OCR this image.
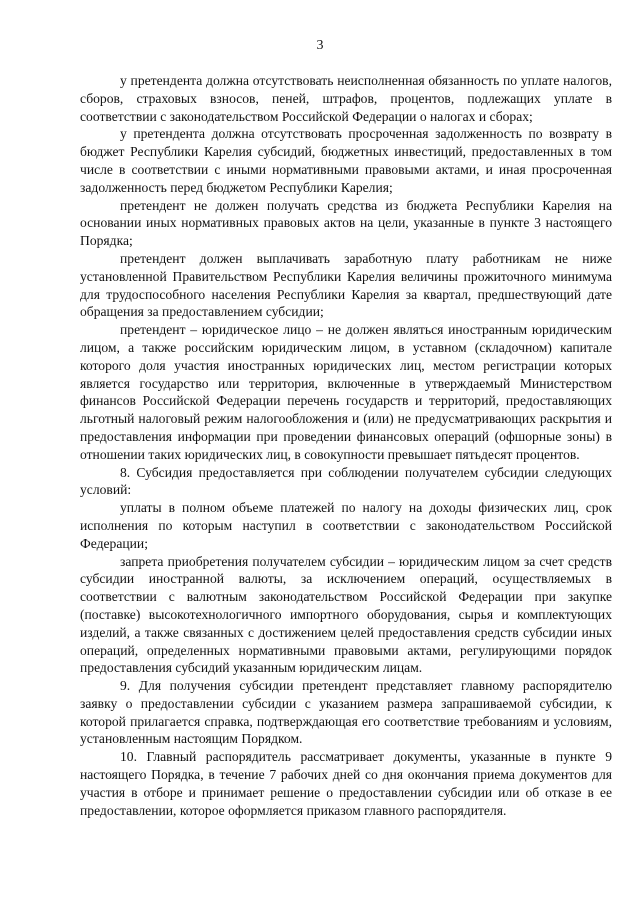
3

у претендента должна отсутствовать неисполненная обязанность по уплате налогов, сборов, страховых взносов, пеней, штрафов, процентов, подлежащих уплате в соответствии с законодательством Российской Федерации о налогах и сборах;

у претендента должна отсутствовать просроченная задолженность по возврату в бюджет Республики Карелия субсидий, бюджетных инвестиций, предоставленных в том числе в соответствии с иными нормативными правовыми актами, и иная просроченная задолженность перед бюджетом Республики Карелия;

претендент не должен получать средства из бюджета Республики Карелия на основании иных нормативных правовых актов на цели, указанные в пункте 3 настоящего Порядка;

претендент должен выплачивать заработную плату работникам не ниже установленной Правительством Республики Карелия величины прожиточного минимума для трудоспособного населения Республики Карелия за квартал, предшествующий дате обращения за предоставлением субсидии;

претендент – юридическое лицо – не должен являться иностранным юридическим лицом, а также российским юридическим лицом, в уставном (складочном) капитале которого доля участия иностранных юридических лиц, местом регистрации которых является государство или территория, включенные в утверждаемый Министерством финансов Российской Федерации перечень государств и территорий, предоставляющих льготный налоговый режим налогообложения и (или) не предусматривающих раскрытия и предоставления информации при проведении финансовых операций (офшорные зоны) в отношении таких юридических лиц, в совокупности превышает пятьдесят процентов.

8. Субсидия предоставляется при соблюдении получателем субсидии следующих условий:

уплаты в полном объеме платежей по налогу на доходы физических лиц, срок исполнения по которым наступил в соответствии с законодательством Российской Федерации;

запрета приобретения получателем субсидии – юридическим лицом за счет средств субсидии иностранной валюты, за исключением операций, осуществляемых в соответствии с валютным законодательством Российской Федерации при закупке (поставке) высокотехнологичного импортного оборудования, сырья и комплектующих изделий, а также связанных с достижением целей предоставления средств субсидии иных операций, определенных нормативными правовыми актами, регулирующими порядок предоставления субсидий указанным юридическим лицам.

9. Для получения субсидии претендент представляет главному распорядителю заявку о предоставлении субсидии с указанием размера запрашиваемой субсидии, к которой прилагается справка, подтверждающая его соответствие требованиям и условиям, установленным настоящим Порядком.

10. Главный распорядитель рассматривает документы, указанные в пункте 9 настоящего Порядка, в течение 7 рабочих дней со дня окончания приема документов для участия в отборе и принимает решение о предоставлении субсидии или об отказе в ее предоставлении, которое оформляется приказом главного распорядителя.
